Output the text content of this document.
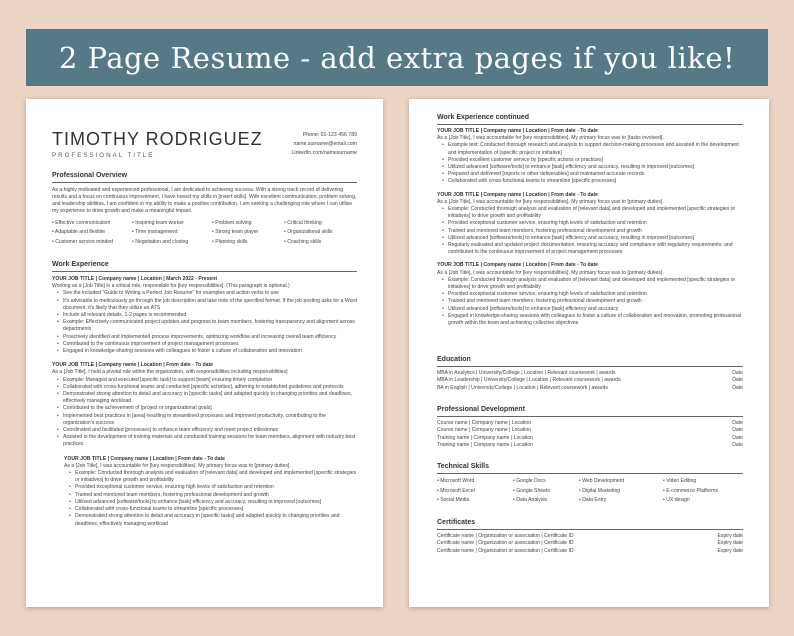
2 Page Resume - add extra pages if you like!
TIMOTHY RODRIGUEZ
PROFESSIONAL TITLE
Phone: 01-123 456 789
name.surname@email.com
LinkedIn.com/namesurname
Professional Overview
As a highly motivated and experienced professional, I am dedicated to achieving success. With a strong track record of delivering results and a focus on continuous improvement, I have honed my skills in [insert skills]. With excellent communication, problem solving, and leadership abilities, I am confident in my ability to make a positive contribution. I am seeking a challenging role where I can utilize my experience to drive growth and make a meaningful impact.
• Effective communication	• Inspiring team worker	• Problem solving	• Critical thinking
• Adaptable and flexible	• Time management	• Strong team player	• Organizational skills
• Customer service minded	• Negotiation and closing	• Planning skills	• Coaching skills
Work Experience
YOUR JOB TITLE | Company name | Location | March 2022 - Present
Working as a [Job Title] in a critical role, responsible for [key responsibilities]. (This paragraph is optional.)
• See the included "Guide to Writing a Perfect Job Resume" for examples and action verbs to use
• It's advisable to meticulously go through the job description and take note of the specified format. If the job posting asks for a Word document, it's likely that they utilize an ATS
• Include all relevant details, 1-2 pages is recommended
• Example: Effectively communicated project updates and progress to team members, fostering transparency and alignment across departments
• Proactively identified and implemented process improvements, optimizing workflow and increasing overall team efficiency
• Contributed to the continuous improvement of project management processes
• Engaged in knowledge-sharing sessions with colleagues to foster a culture of collaboration and innovation
YOUR JOB TITLE | Company name | Location | From date - To date
As a [Job Title], I held a pivotal role within the organization, with responsibilities including responsibilities]
• Example: Managed and executed [specific task] to support [team] ensuring timely completion
• Collaborated with cross-functional teams and conducted [specific activities], adhering to established guidelines and protocols
• Demonstrated strong attention to detail and accuracy in [specific tasks] and adapted quickly to changing priorities and deadlines, effectively managing workload
• Contributed to the achievement of [project or organizational goals]
• Implemented best practices in [area] resulting in streamlined processes and improved productivity, contributing to the organization's success
• Coordinated and facilitated [processes] to enhance team efficiency and meet project milestones
• Assisted in the development of training materials and conducted training sessions for team members, alignment with industry best practices
YOUR JOB TITLE | Company name | Location | From date - To date
As a [Job Title], I was accountable for [key responsibilities]. My primary focus was to [primary duties].
• Example: Conducted thorough analysis and evaluation of [relevant data] and developed and implemented [specific strategies or initiatives] to drive growth and profitability
• Provided exceptional customer service, ensuring high levels of satisfaction and retention
• Trained and mentored team members, fostering professional development and growth
• Utilized advanced [software/tools] to enhance [task] efficiency and accuracy, resulting in improved [outcomes]
• Collaborated with cross-functional teams to streamline [specific processes]
• Demonstrated strong attention to detail and accuracy in [specific tasks] and adapted quickly to changing priorities and deadlines, effectively managing workload
Work Experience continued
YOUR JOB TITLE | Company name | Location | From date - To date
As a [Job Title], I was accountable for [key responsibilities]. My primary focus was to [tasks involved].
• Example text: Conducted thorough research and analysis to support decision-making processes and assisted in the development and implementation of [specific project or initiative]
• Provided excellent customer service by [specific actions or practices]
• Utilized advanced [software/tools] to enhance [task] efficiency and accuracy, resulting in improved [outcomes]
• Prepared and delivered [reports or other deliverables] and maintained accurate records
• Collaborated with cross-functional teams to streamline [specific processes]
YOUR JOB TITLE | Company name | Location | From date - To date
As a [Job Title], I was accountable for [key responsibilities]. My primary focus was to [primary duties].
• Example: Conducted thorough analysis and evaluation of [relevant data] and developed and implemented [specific strategies or initiatives] to drive growth and profitability
• Provided exceptional customer service, ensuring high levels of satisfaction and retention
• Trained and mentored team members, fostering professional development and growth
• Utilized advanced [software/tools] to enhance [task] efficiency and accuracy, resulting in improved [outcomes]
• Regularly evaluated and updated project documentation, ensuring accuracy and compliance with regulatory requirements, and contributed to the continuous improvement of project management processes
YOUR JOB TITLE | Company name | Location | From date - To date
As a [Job Title], I was accountable for [key responsibilities]. My primary focus was to [primary duties].
• Example: Conducted thorough analysis and evaluation of [relevant data] and developed and implemented [specific strategies or initiatives] to drive growth and profitability
• Provided exceptional customer service, ensuring high levels of satisfaction and retention
• Trained and mentored team members, fostering professional development and growth
• Utilized advanced [software/tools] to enhance [task] efficiency and accuracy
• Engaged in knowledge-sharing sessions with colleagues to foster a culture of collaboration and innovation, promoting professional growth within the team and achieving collective objectives
Education
MBA in Analytics | University/College | Location | Relevant coursework | awards	Date
MBA in Leadership | University/College | Location | Relevant coursework | awards	Date
BA in English | University/College | Location | Relevant coursework | awards	Date
Professional Development
Course name | Company name | Location	Date
Course name | Company name | Location	Date
Training name | Company name | Location	Date
Training name | Company name | Location	Date
Technical Skills
• Microsoft Word	• Google Docs	• Web Development	• Video Editing
• Microsoft Excel	• Google Sheets	• Digital Marketing	• E-commerce Platforms
• Social Media	• Data Analysis	• Data Entry	• UX design
Certificates
Certificate name | Organization or association | Certificate ID	Expiry date
Certificate name | Organization or association | Certificate ID	Expiry date
Certificate name | Organization or association | Certificate ID	Expiry date
